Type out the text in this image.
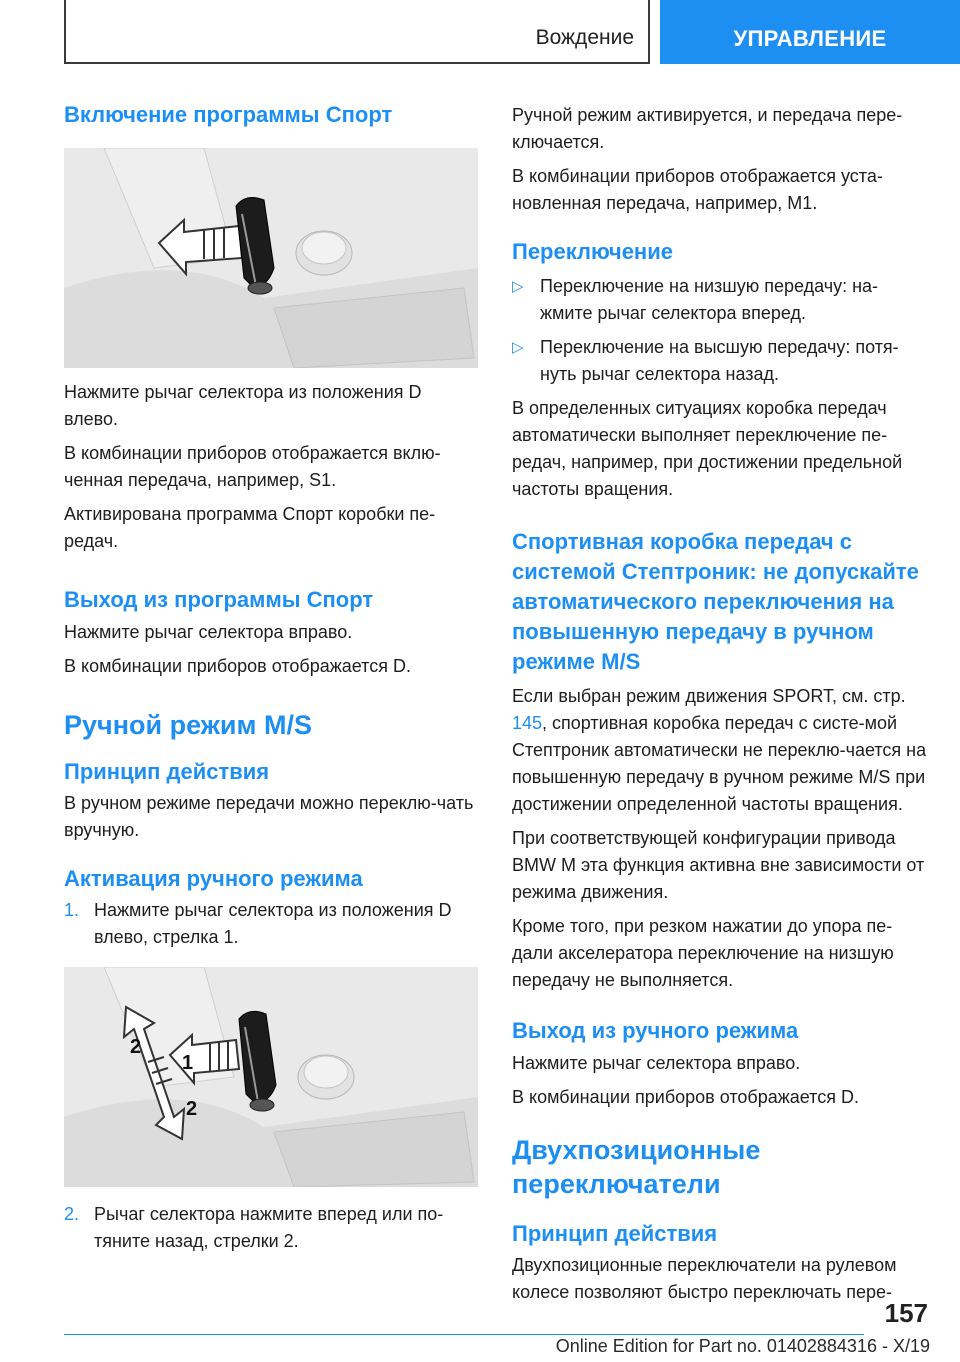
Вождение	УПРАВЛЕНИЕ
Включение программы Спорт

Нажмите рычаг селектора из положения D влево.

В комбинации приборов отображается вклю-ченная передача, например, S1.

Активирована программа Спорт коробки пе-редач.

Выход из программы Спорт

Нажмите рычаг селектора вправо.

В комбинации приборов отображается D.

Ручной режим M/S
Принцип действия

В ручном режиме передачи можно переклю-чать вручную.

Активация ручного режима
1. Нажмите рычаг селектора из положения D влево, стрелка 1.
1
2
2
2. Рычаг селектора нажмите вперед или по-тяните назад, стрелки 2.

Ручной режим активируется, и передача пере-ключается.

В комбинации приборов отображается уста-новленная передача, например, M1.

Переключение
▷ Переключение на низшую передачу: на-жмите рычаг селектора вперед.
▷ Переключение на высшую передачу: потя-нуть рычаг селектора назад.

В определенных ситуациях коробка передач автоматически выполняет переключение пе-редач, например, при достижении предельной частоты вращения.

Спортивная коробка передач с системой Стептроник: не допускайте автоматического переключения на повышенную передачу в ручном режиме M/S

Если выбран режим движения SPORT, см. стр. 145, спортивная коробка передач с систе-мой Стептроник автоматически не переклю-чается на повышенную передачу в ручном режиме M/S при достижении определенной частоты вращения.

При соответствующей конфигурации привода BMW M эта функция активна вне зависимости от режима движения.

Кроме того, при резком нажатии до упора пе-дали акселератора переключение на низшую передачу не выполняется.

Выход из ручного режима

Нажмите рычаг селектора вправо.

В комбинации приборов отображается D.

Двухпозиционные переключатели
Принцип действия

Двухпозиционные переключатели на рулевом колесе позволяют быстро переключать пере-

157
Online Edition for Part no. 01402884316 - X/19
